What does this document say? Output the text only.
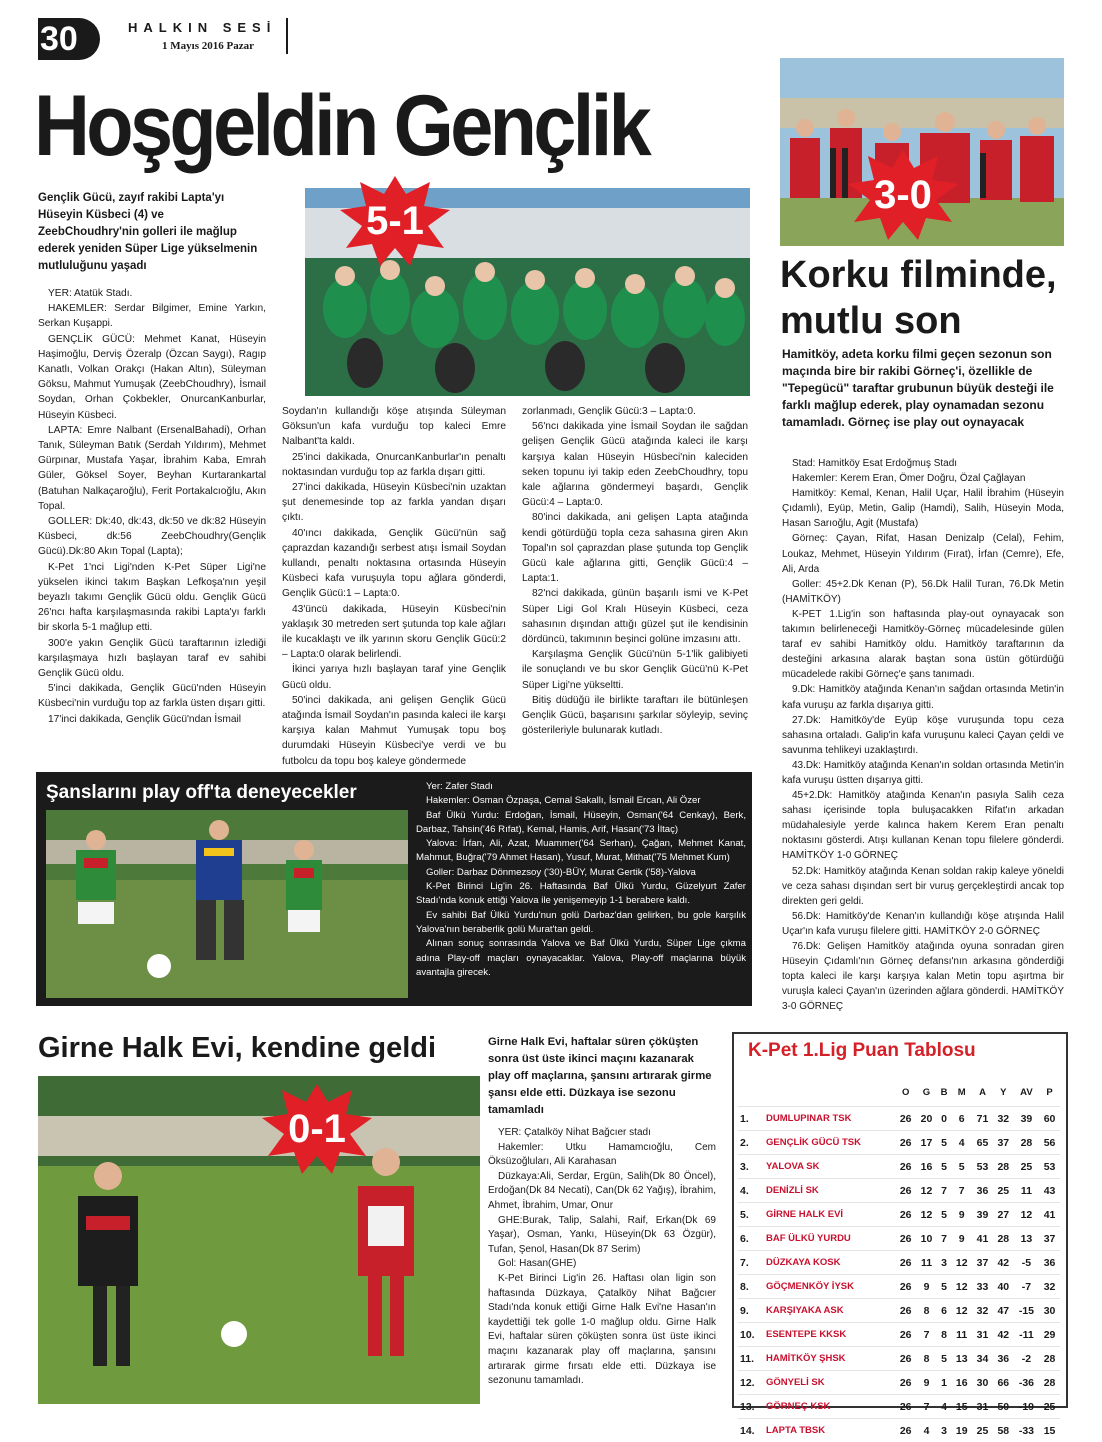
30	HALKIN SESİ
1 Mayıs 2016 Pazar
Hoşgeldin Gençlik
Gençlik Gücü, zayıf rakibi Lapta'yı Hüseyin Küsbeci (4) ve ZeebChoudhry'nin golleri ile mağlup ederek yeniden Süper Lige yükselmenin mutluluğunu yaşadı
5-1

YER: Atatük Stadı.

HAKEMLER: Serdar Bilgimer, Emine Yarkın, Serkan Kuşappi.

GENÇLİK GÜCÜ: Mehmet Kanat, Hüseyin Haşimoğlu, Derviş Özeralp (Özcan Saygı), Ragıp Kanatlı, Volkan Orakçı (Hakan Altın), Süleyman Göksu, Mahmut Yumuşak (ZeebChoudhry), İsmail Soydan, Orhan Çokbekler, OnurcanKanburlar, Hüseyin Küsbeci.

LAPTA: Emre Nalbant (ErsenalBahadi), Orhan Tanık, Süleyman Batık (Serdah Yıldırım), Mehmet Gürpınar, Mustafa Yaşar, İbrahim Kaba, Emrah Güler, Göksel Soyer, Beyhan Kurtarankartal (Batuhan Nalkaçaroğlu), Ferit Portakalcıoğlu, Akın Topal.

GOLLER: Dk:40, dk:43, dk:50 ve dk:82 Hüseyin Küsbeci, dk:56 ZeebChoudhry(Gençlik Gücü).Dk:80 Akın Topal (Lapta);

K-Pet 1'nci Ligi'nden K-Pet Süper Ligi'ne yükselen ikinci takım Başkan Lefkoşa'nın yeşil beyazlı takımı Gençlik Gücü oldu. Gençlik Gücü 26'ncı hafta karşılaşmasında rakibi Lapta'yı farklı bir skorla 5-1 mağlup etti.

300'e yakın Gençlik Gücü taraftarının izlediği karşılaşmaya hızlı başlayan taraf ev sahibi Gençlik Gücü oldu.

5'inci dakikada, Gençlik Gücü'nden Hüseyin Küsbeci'nin vurduğu top az farkla üsten dışarı gitti.

17'inci dakikada, Gençlik Gücü'ndan İsmail

Soydan'ın kullandığı köşe atışında Süleyman Göksun'un kafa vurduğu top kaleci Emre Nalbant'ta kaldı.

25'inci dakikada, OnurcanKanburlar'ın penaltı noktasından vurduğu top az farkla dışarı gitti.

27'inci dakikada, Hüseyin Küsbeci'nin uzaktan şut denemesinde top az farkla yandan dışarı çıktı.

40'ıncı dakikada, Gençlik Gücü'nün sağ çaprazdan kazandığı serbest atışı İsmail Soydan kullandı, penaltı noktasına ortasında Hüseyin Küsbeci kafa vuruşuyla topu ağlara gönderdi, Gençlik Gücü:1 – Lapta:0.

43'üncü dakikada, Hüseyin Küsbeci'nin yaklaşık 30 metreden sert şutunda top kale ağları ile kucaklaştı ve ilk yarının skoru Gençlik Gücü:2 – Lapta:0 olarak belirlendi.

İkinci yarıya hızlı başlayan taraf yine Gençlik Gücü oldu.

50'inci dakikada, ani gelişen Gençlik Gücü atağında İsmail Soydan'ın pasında kaleci ile karşı karşıya kalan Mahmut Yumuşak topu boş durumdaki Hüseyin Küsbeci'ye verdi ve bu futbolcu da topu boş kaleye göndermede

zorlanmadı, Gençlik Gücü:3 – Lapta:0.

56'ncı dakikada yine İsmail Soydan ile sağdan gelişen Gençlik Gücü atağında kaleci ile karşı karşıya kalan Hüseyin Hüsbeci'nin kaleciden seken topunu iyi takip eden ZeebChoudhry, topu kale ağlarına göndermeyi başardı, Gençlik Gücü:4 – Lapta:0.

80'inci dakikada, ani gelişen Lapta atağında kendi götürdüğü topla ceza sahasına giren Akın Topal'ın sol çaprazdan plase şutunda top Gençlik Gücü kale ağlarına gitti, Gençlik Gücü:4 – Lapta:1.

82'nci dakikada, günün başarılı ismi ve K-Pet Süper Ligi Gol Kralı Hüseyin Küsbeci, ceza sahasının dışından attığı güzel şut ile kendisinin dördüncü, takımının beşinci golüne imzasını attı.

Karşılaşma Gençlik Gücü'nün 5-1'lik galibiyeti ile sonuçlandı ve bu skor Gençlik Gücü'nü K-Pet Süper Ligi'ne yükseltti.

Bitiş düdüğü ile birlikte taraftarı ile bütünleşen Gençlik Gücü, başarısını şarkılar söyleyip, sevinç gösterileriyle bulunarak kutladı.

3-0
Korku filminde, mutlu son
Hamitköy, adeta korku filmi geçen sezonun son maçında bire bir rakibi Görneç'i, özellikle de "Tepegücü" taraftar grubunun büyük desteği ile farklı mağlup ederek, play oynamadan sezonu tamamladı. Görneç ise play out oynayacak

Stad: Hamitköy Esat Erdoğmuş Stadı

Hakemler: Kerem Eran, Ömer Doğru, Özal Çağlayan

Hamitköy: Kemal, Kenan, Halil Uçar, Halil İbrahim (Hüseyin Çıdamlı), Eyüp, Metin, Galip (Hamdi), Salih, Hüseyin Moda, Hasan Sarıoğlu, Agit (Mustafa)

Görneç: Çayan, Rifat, Hasan Denizalp (Celal), Fehim, Loukaz, Mehmet, Hüseyin Yıldırım (Fırat), İrfan (Cemre), Efe, Ali, Arda

Goller: 45+2.Dk Kenan (P), 56.Dk Halil Turan, 76.Dk Metin (HAMİTKÖY)

K-PET 1.Lig'in son haftasında play-out oynayacak son takımın belirleneceği Hamitköy-Görneç mücadelesinde gülen taraf ev sahibi Hamitköy oldu. Hamitköy taraftarının da desteğini arkasına alarak baştan sona üstün götürdüğü mücadelede rakibi Görneç'e şans tanımadı.

9.Dk: Hamitköy atağında Kenan'ın sağdan ortasında Metin'in kafa vuruşu az farkla dışarıya gitti.

27.Dk: Hamitköy'de Eyüp köşe vuruşunda topu ceza sahasına ortaladı. Galip'in kafa vuruşunu kaleci Çayan çeldi ve savunma tehlikeyi uzaklaştırdı.

43.Dk: Hamitköy atağında Kenan'ın soldan ortasında Metin'in kafa vuruşu üstten dışarıya gitti.

45+2.Dk: Hamitköy atağında Kenan'ın pasıyla Salih ceza sahası içerisinde topla buluşacakken Rifat'ın arkadan müdahalesiyle yerde kalınca hakem Kerem Eran penaltı noktasını gösterdi. Atışı kullanan Kenan topu filelere gönderdi. HAMİTKÖY 1-0 GÖRNEÇ

52.Dk: Hamitköy atağında Kenan soldan rakip kaleye yöneldi ve ceza sahası dışından sert bir vuruş gerçekleştirdi ancak top direkten geri geldi.

56.Dk: Hamitköy'de Kenan'ın kullandığı köşe atışında Halil Uçar'ın kafa vuruşu filelere gitti. HAMİTKÖY 2-0 GÖRNEÇ

76.Dk: Gelişen Hamitköy atağında oyuna sonradan giren Hüseyin Çıdamlı'nın Görneç defansı'nın arkasına gönderdiği topta kaleci ile karşı karşıya kalan Metin topu aşırtma bir vuruşla kaleci Çayan'ın üzerinden ağlara gönderdi. HAMİTKÖY 3-0 GÖRNEÇ

Şanslarını play off'ta deneyecekler	Yer: Zafer Stadı

Hakemler: Osman Özpaşa, Cemal Sakallı, İsmail Ercan, Ali Özer

Baf Ülkü Yurdu: Erdoğan, İsmail, Hüseyin, Osman('64 Cenkay), Berk, Darbaz, Tahsin('46 Rıfat), Kemal, Hamis, Arif, Hasan('73 İltaç)

Yalova: İrfan, Ali, Azat, Muammer('64 Serhan), Çağan, Mehmet Kanat, Mahmut, Buğra('79 Ahmet Hasan), Yusuf, Murat, Mithat('75 Mehmet Kum)

Goller: Darbaz Dönmezsoy ('30)-BÜY, Murat Gertik ('58)-Yalova

K-Pet Birinci Lig'in 26. Haftasında Baf Ülkü Yurdu, Güzelyurt Zafer Stadı'nda konuk ettiği Yalova ile yenişemeyip 1-1 berabere kaldı.

Ev sahibi Baf Ülkü Yurdu'nun golü Darbaz'dan gelirken, bu gole karşılık Yalova'nın beraberlik golü Murat'tan geldi.

Alınan sonuç sonrasında Yalova ve Baf Ülkü Yurdu, Süper Lige çıkma adına Play-off maçları oynayacaklar. Yalova, Play-off maçlarına büyük avantajla girecek.

Girne Halk Evi, kendine geldi
0-1
Girne Halk Evi, haftalar süren çöküşten sonra üst üste ikinci maçını kazanarak play off maçlarına, şansını artırarak girme şansı elde etti. Düzkaya ise sezonu tamamladı

YER: Çatalköy Nihat Bağcıer stadı

Hakemler: Utku Hamamcıoğlu, Cem Öksüzoğluları, Ali Karahasan

Düzkaya:Ali, Serdar, Ergün, Salih(Dk 80 Öncel), Erdoğan(Dk 84 Necati), Can(Dk 62 Yağış), İbrahim, Ahmet, İbrahim, Umar, Onur

GHE:Burak, Talip, Salahi, Raif, Erkan(Dk 69 Yaşar), Osman, Yankı, Hüseyin(Dk 63 Özgür), Tufan, Şenol, Hasan(Dk 87 Serim)

Gol: Hasan(GHE)

K-Pet Birinci Lig'in 26. Haftası olan ligin son haftasında Düzkaya, Çatalköy Nihat Bağcıer Stadı'nda konuk ettiği Girne Halk Evi'ne Hasan'ın kaydettiği tek golle 1-0 mağlup oldu. Girne Halk Evi, haftalar süren çöküşten sonra üst üste ikinci maçını kazanarak play off maçlarına, şansını artırarak girme fırsatı elde etti. Düzkaya ise sezonunu tamamladı.

K-Pet 1.Lig Puan Tablosu
		O	G	B	M	A	Y	AV	P
1.	DUMLUPINAR TSK	26	20	0	6	71	32	39	60
2.	GENÇLİK GÜCÜ TSK	26	17	5	4	65	37	28	56
3.	YALOVA SK	26	16	5	5	53	28	25	53
4.	DENİZLİ SK	26	12	7	7	36	25	11	43
5.	GİRNE HALK EVİ	26	12	5	9	39	27	12	41
6.	BAF ÜLKÜ YURDU	26	10	7	9	41	28	13	37
7.	DÜZKAYA KOSK	26	11	3	12	37	42	-5	36
8.	GÖÇMENKÖY İYSK	26	9	5	12	33	40	-7	32
9.	KARŞIYAKA ASK	26	8	6	12	32	47	-15	30
10.	ESENTEPE KKSK	26	7	8	11	31	42	-11	29
11.	HAMİTKÖY ŞHSK	26	8	5	13	34	36	-2	28
12.	GÖNYELİ SK	26	9	1	16	30	66	-36	28
13.	GÖRNEÇ KSK	26	7	4	15	31	50	-19	25
14.	LAPTA TBSK	26	4	3	19	25	58	-33	15
